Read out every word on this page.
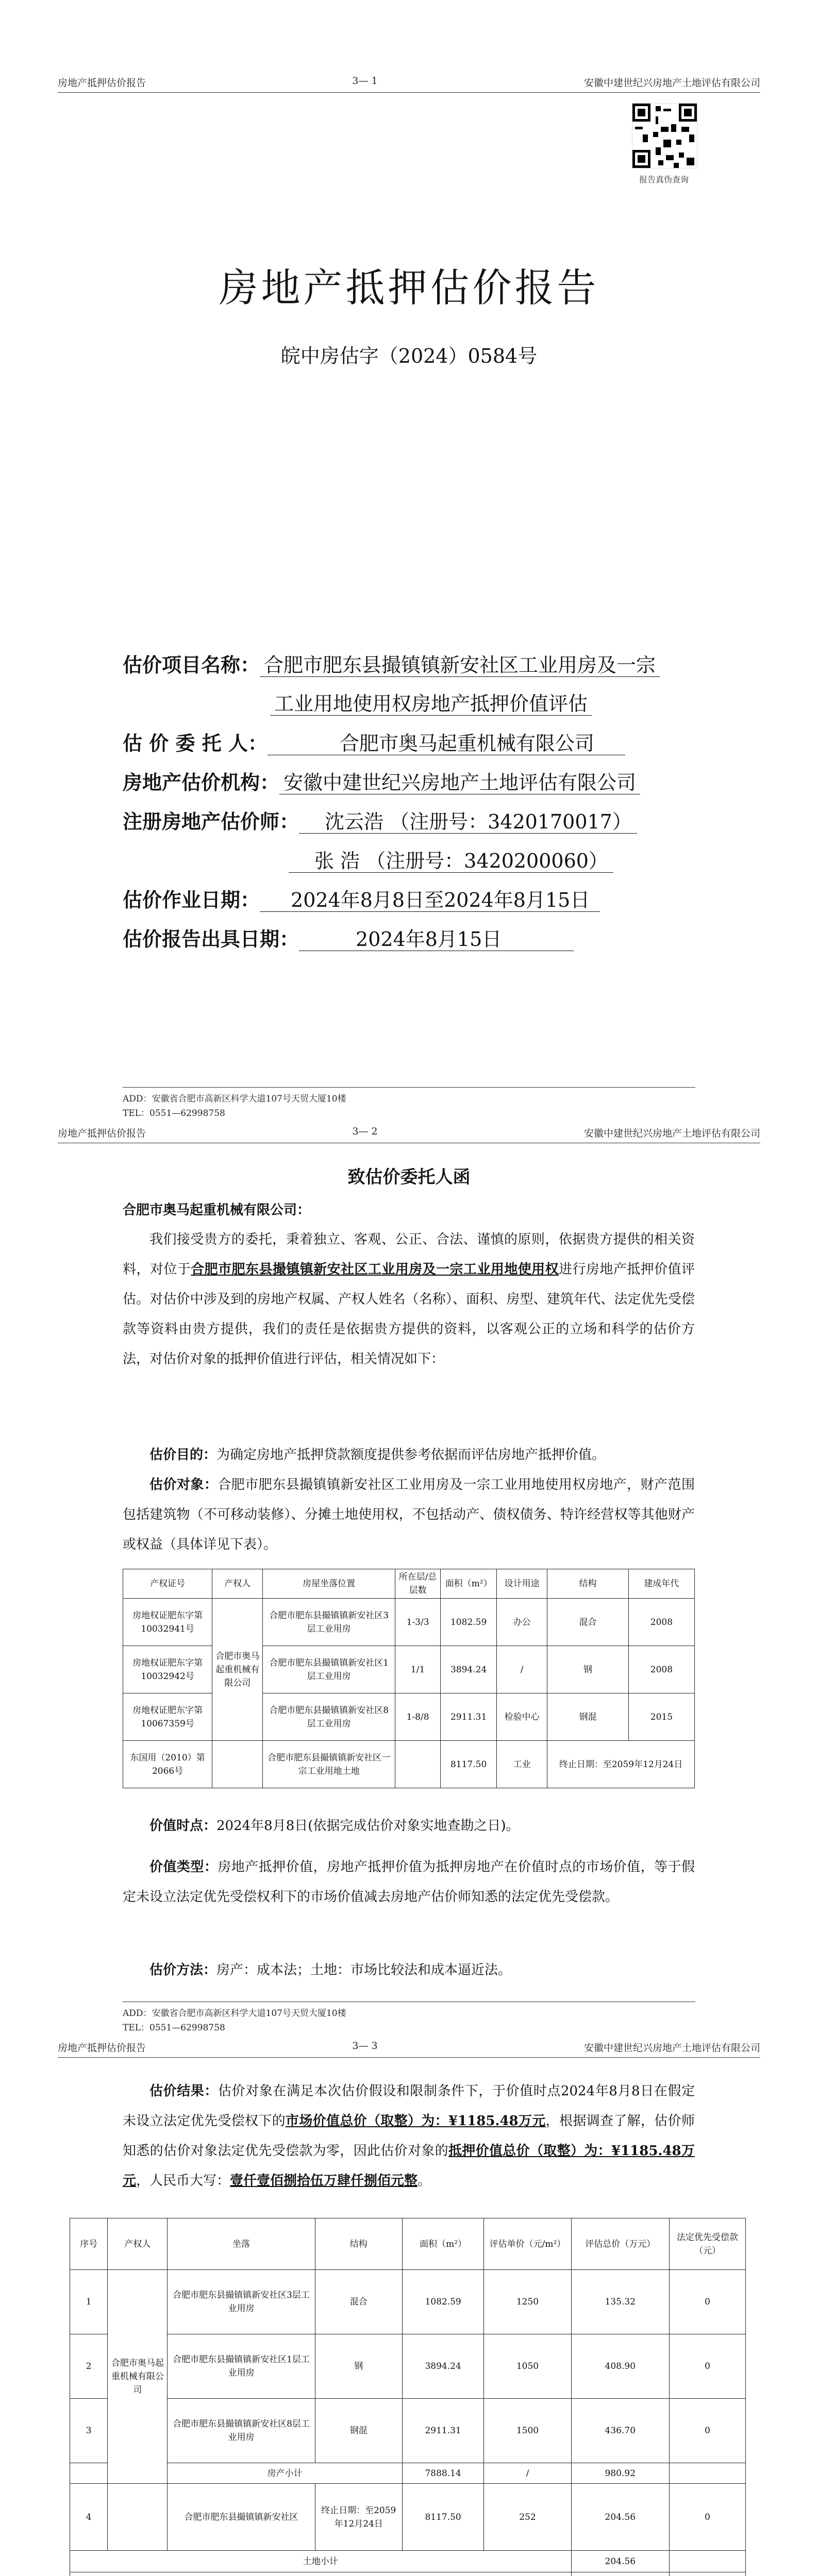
房地产抵押估价报告	3— 1	安徽中建世纪兴房地产土地评估有限公司
报告真伪查询
房地产抵押估价报告
皖中房估字（2024）0584号
估价项目名称： 合肥市肥东县撮镇镇新安社区工业用房及一宗
工业用地使用权房地产抵押价值评估
估 价 委 托 人：	合肥市奥马起重机械有限公司
房地产估价机构： 安徽中建世纪兴房地产土地评估有限公司
注册房地产估价师： 沈云浩 （注册号：3420170017）
张 浩 （注册号：3420200060）
估价作业日期： 2024年8月8日至2024年8月15日
估价报告出具日期：	2024年8月15日
ADD：安徽省合肥市高新区科学大道107号天贸大厦10楼
TEL：0551—62998758
房地产抵押估价报告	3— 2	安徽中建世纪兴房地产土地评估有限公司
致估价委托人函
合肥市奥马起重机械有限公司：
我们接受贵方的委托，秉着独立、客观、公正、合法、谨慎的原则，依据贵方提供的相关资料，对位于合肥市肥东县撮镇镇新安社区工业用房及一宗工业用地使用权进行房地产抵押价值评估。对估价中涉及到的房地产权属、产权人姓名（名称）、面积、房型、建筑年代、法定优先受偿款等资料由贵方提供，我们的责任是依据贵方提供的资料，以客观公正的立场和科学的估价方法，对估价对象的抵押价值进行评估，相关情况如下：
估价目的：为确定房地产抵押贷款额度提供参考依据而评估房地产抵押价值。
估价对象：合肥市肥东县撮镇镇新安社区工业用房及一宗工业用地使用权房地产，财产范围包括建筑物（不可移动装修）、分摊土地使用权，不包括动产、债权债务、特许经营权等其他财产或权益（具体详见下表）。
产权证号	产权人	房屋坐落位置	所在层/总层数	面积（m²）	设计用途	结构	建成年代
房地权证肥东字第10032941号	合肥市奥马起重机械有限公司	合肥市肥东县撮镇镇新安社区3层工业用房	1-3/3	1082.59	办公	混合	2008
房地权证肥东字第10032942号		合肥市肥东县撮镇镇新安社区1层工业用房	1/1	3894.24	/	钢	2008
房地权证肥东字第10067359号		合肥市肥东县撮镇镇新安社区8层工业用房	1-8/8	2911.31	检验中心	钢混	2015
东国用（2010）第2066号		合肥市肥东县撮镇镇新安社区一宗工业用地土地		8117.50	工业	终止日期：至2059年12月24日	
价值时点：2024年8月8日(依据完成估价对象实地查勘之日)。
价值类型：房地产抵押价值，房地产抵押价值为抵押房地产在价值时点的市场价值，等于假定未设立法定优先受偿权利下的市场价值减去房地产估价师知悉的法定优先受偿款。
估价方法：房产：成本法；土地：市场比较法和成本逼近法。
ADD：安徽省合肥市高新区科学大道107号天贸大厦10楼
TEL：0551—62998758
房地产抵押估价报告	3— 3	安徽中建世纪兴房地产土地评估有限公司
估价结果：估价对象在满足本次估价假设和限制条件下，于价值时点2024年8月8日在假定未设立法定优先受偿权下的市场价值总价（取整）为：¥1185.48万元，根据调查了解，估价师知悉的估价对象法定优先受偿款为零，因此估价对象的抵押价值总价（取整）为：¥1185.48万元，人民币大写：壹仟壹佰捌拾伍万肆仟捌佰元整。
序号	产权人	坐落	结构	面积（m²）	评估单价（元/m²）	评估总价（万元）	法定优先受偿款（元）
1	合肥市奥马起重机械有限公司	合肥市肥东县撮镇镇新安社区3层工业用房	混合	1082.59	1250	135.32	0
2		合肥市肥东县撮镇镇新安社区1层工业用房	钢	3894.24	1050	408.90	0
3		合肥市肥东县撮镇镇新安社区8层工业用房	钢混	2911.31	1500	436.70	0
		房产小计		7888.14	/	980.92	
4		合肥市肥东县撮镇镇新安社区	终止日期：至2059年12月24日	8117.50	252	204.56	0
土地小计						204.56	
